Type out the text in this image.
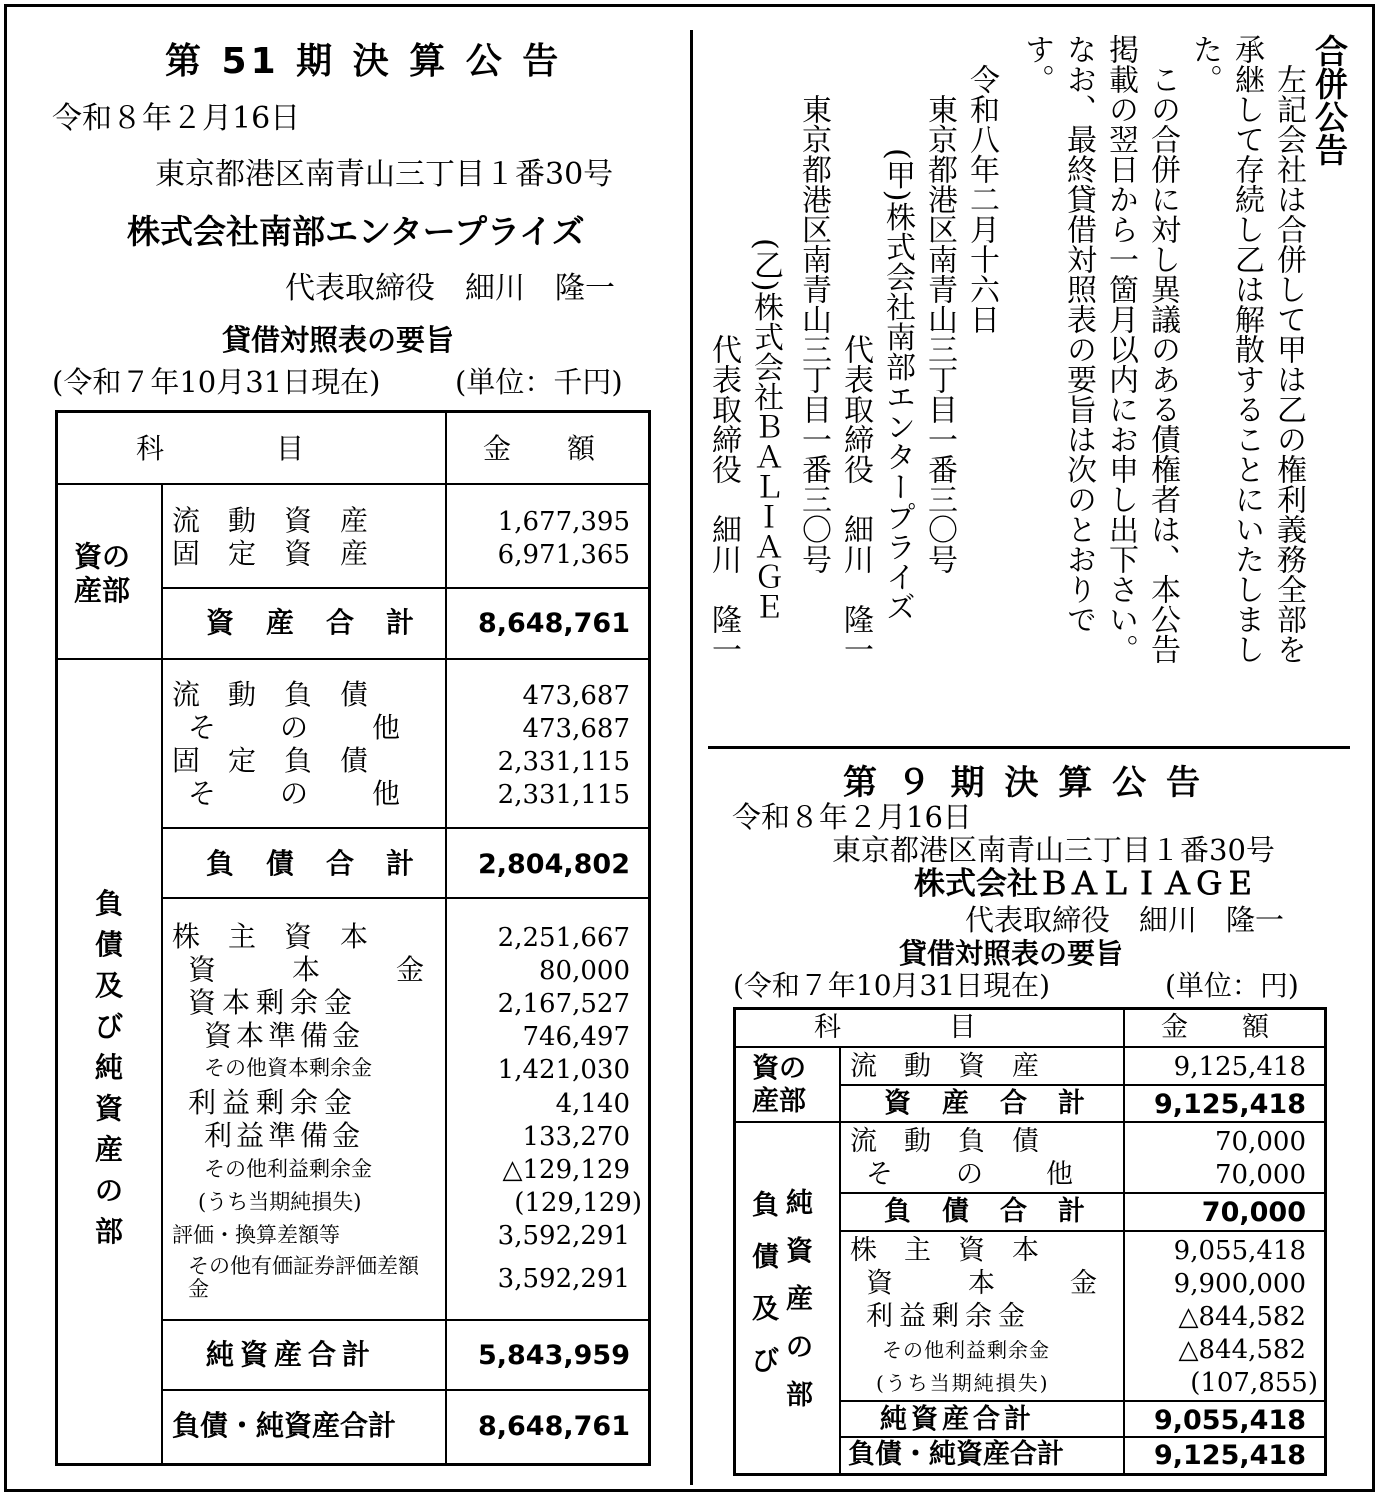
第 51 期 決 算 公 告
令和８年２月16日
東京都港区南青山三丁目１番30号
株式会社南部エンタープライズ
代表取締役　細川　隆一
貸借対照表の要旨
(令和７年10月31日現在)	(単位：千円)
科　　　　目	金　　額
資の産部
負債及び純資産の部
流　動　資　産	1,677,395
固　定　資　産	6,971,365
資　産　合　計 8,648,761
流　動　負　債	473,687
そ　の　他	473,687
固　定　負　債	2,331,115
そ　の　他	2,331,115
負　債　合　計 2,804,802
株　主　資　本	2,251,667
資　本　金	80,000
資本剰余金	2,167,527
資本準備金	746,497
その他資本剰余金	1,421,030
利益剰余金	4,140
利益準備金	133,270
その他利益剰余金	△129,129
(うち当期純損失)	(129,129)
評価・換算差額等	3,592,291
その他有価証券評価差額金	3,592,291
純資産合計	5,843,959
負債・純資産合計	8,648,761
合併公告
左記会社は合併して甲は乙の権利義務全部を
承継して存続し乙は解散することにいたしまし
た。
この合併に対し異議のある債権者は、本公告
掲載の翌日から一箇月以内にお申し出下さい。
なお、最終貸借対照表の要旨は次のとおりで
す。
令和八年二月十六日
東京都港区南青山三丁目一番三〇号
(甲)株式会社南部エンタープライズ
代表取締役　細川　隆一
東京都港区南青山三丁目一番三〇号
(乙)株式会社ＢＡＬＩＡＧＥ
代表取締役　細川　隆一
第 ９ 期 決 算 公 告
令和８年２月16日
東京都港区南青山三丁目１番30号
株式会社ＢＡＬＩＡＧＥ
代表取締役　細川　隆一
貸借対照表の要旨
(令和７年10月31日現在)	(単位：円)
科　　　　目	金　　額
資の産部
負債及び
純資産の部
流　動　資　産	9,125,418
資　産　合　計 9,125,418
流　動　負　債	70,000
そ　の　他	70,000
負　債　合　計	70,000
株　主　資　本	9,055,418
資　本　金 9,900,000
利益剰余金	△844,582
その他利益剰余金	△844,582
(うち当期純損失)	(107,855)
純資産合計	9,055,418
負債・純資産合計	9,125,418
